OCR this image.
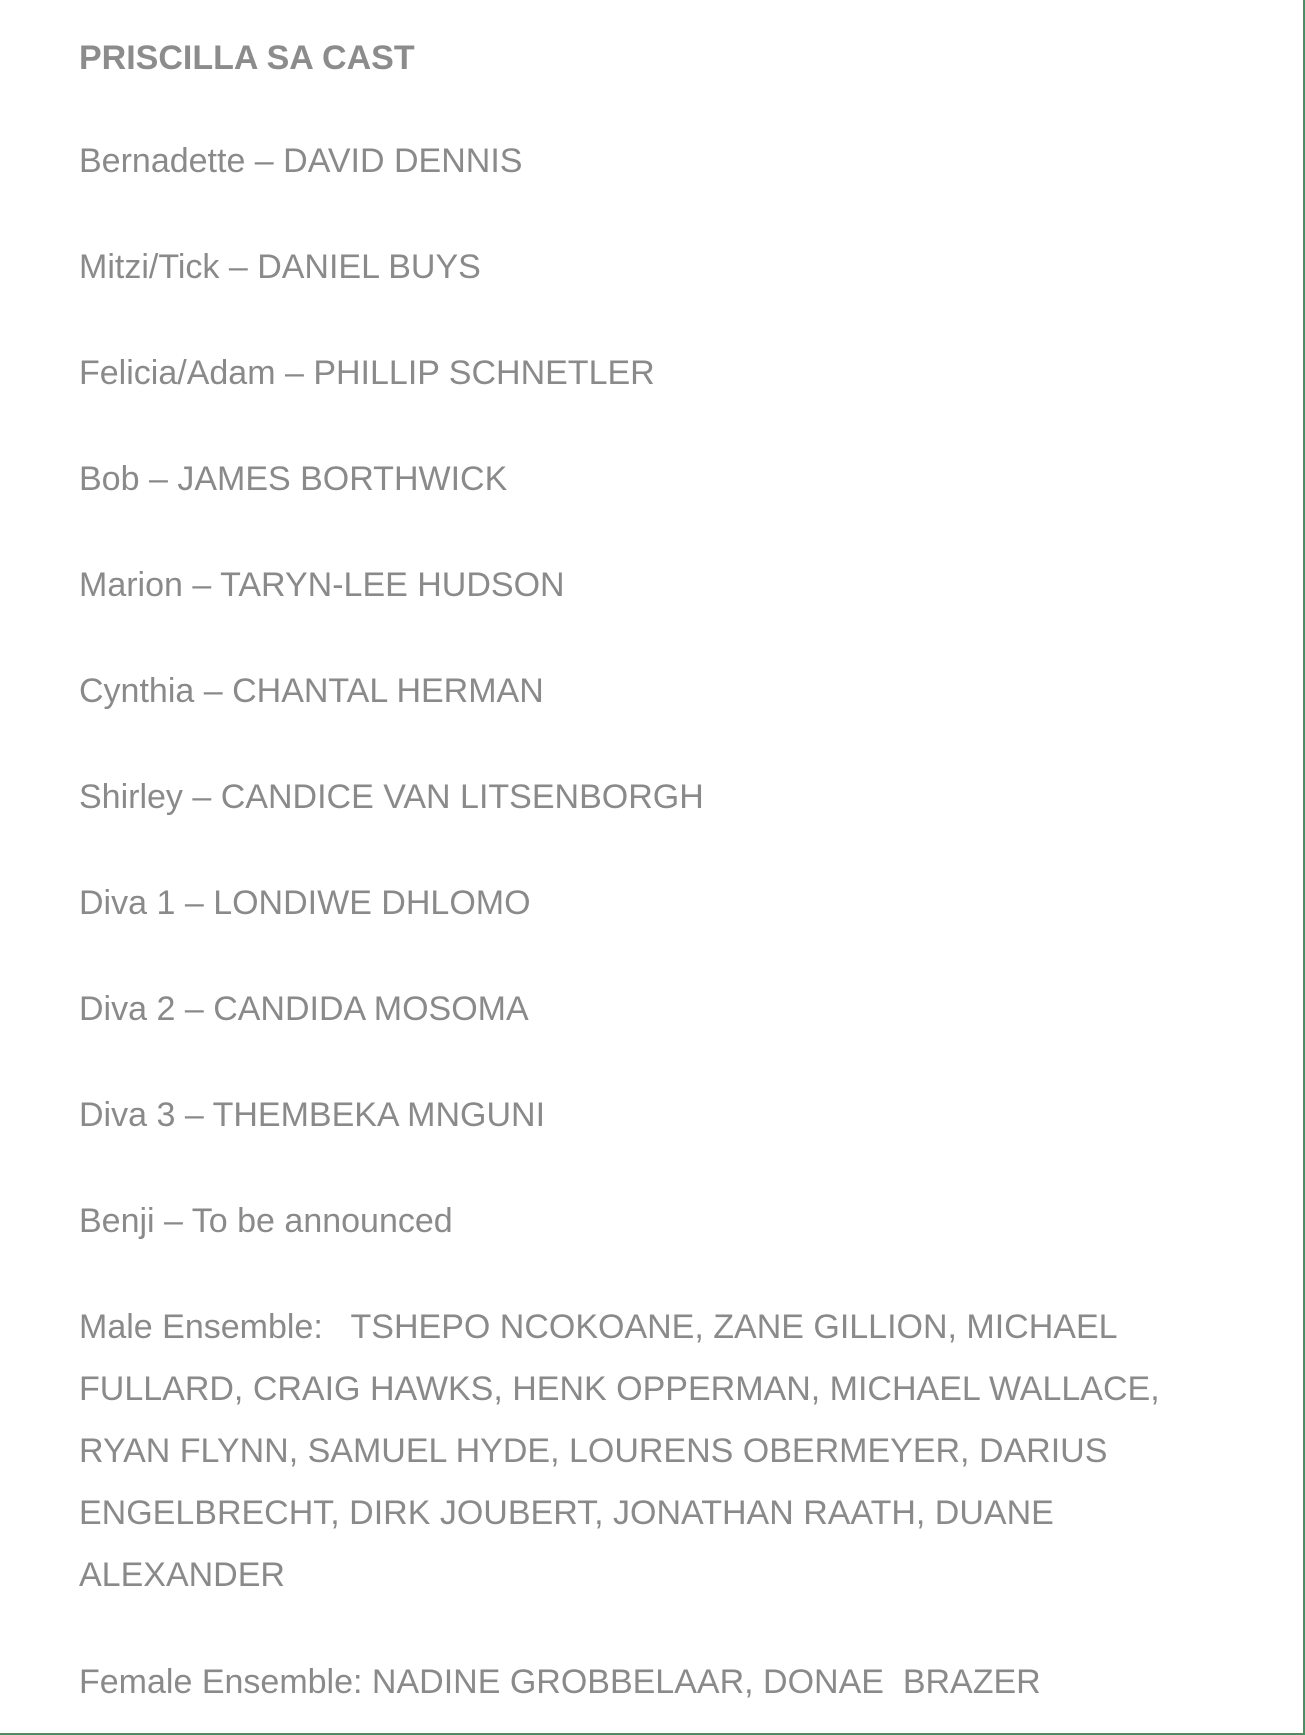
PRISCILLA SA CAST

Bernadette – DAVID DENNIS
Mitzi/Tick – DANIEL BUYS
Felicia/Adam – PHILLIP SCHNETLER
Bob – JAMES BORTHWICK
Marion – TARYN-LEE HUDSON
Cynthia – CHANTAL HERMAN
Shirley – CANDICE VAN LITSENBORGH
Diva 1 – LONDIWE DHLOMO
Diva 2 – CANDIDA MOSOMA
Diva 3 – THEMBEKA MNGUNI
Benji – To be announced

Male Ensemble: TSHEPO NCOKOANE, ZANE GILLION, MICHAEL FULLARD, CRAIG HAWKS, HENK OPPERMAN, MICHAEL WALLACE, RYAN FLYNN, SAMUEL HYDE, LOURENS OBERMEYER, DARIUS ENGELBRECHT, DIRK JOUBERT, JONATHAN RAATH, DUANE ALEXANDER

Female Ensemble: NADINE GROBBELAAR, DONAE  BRAZER
